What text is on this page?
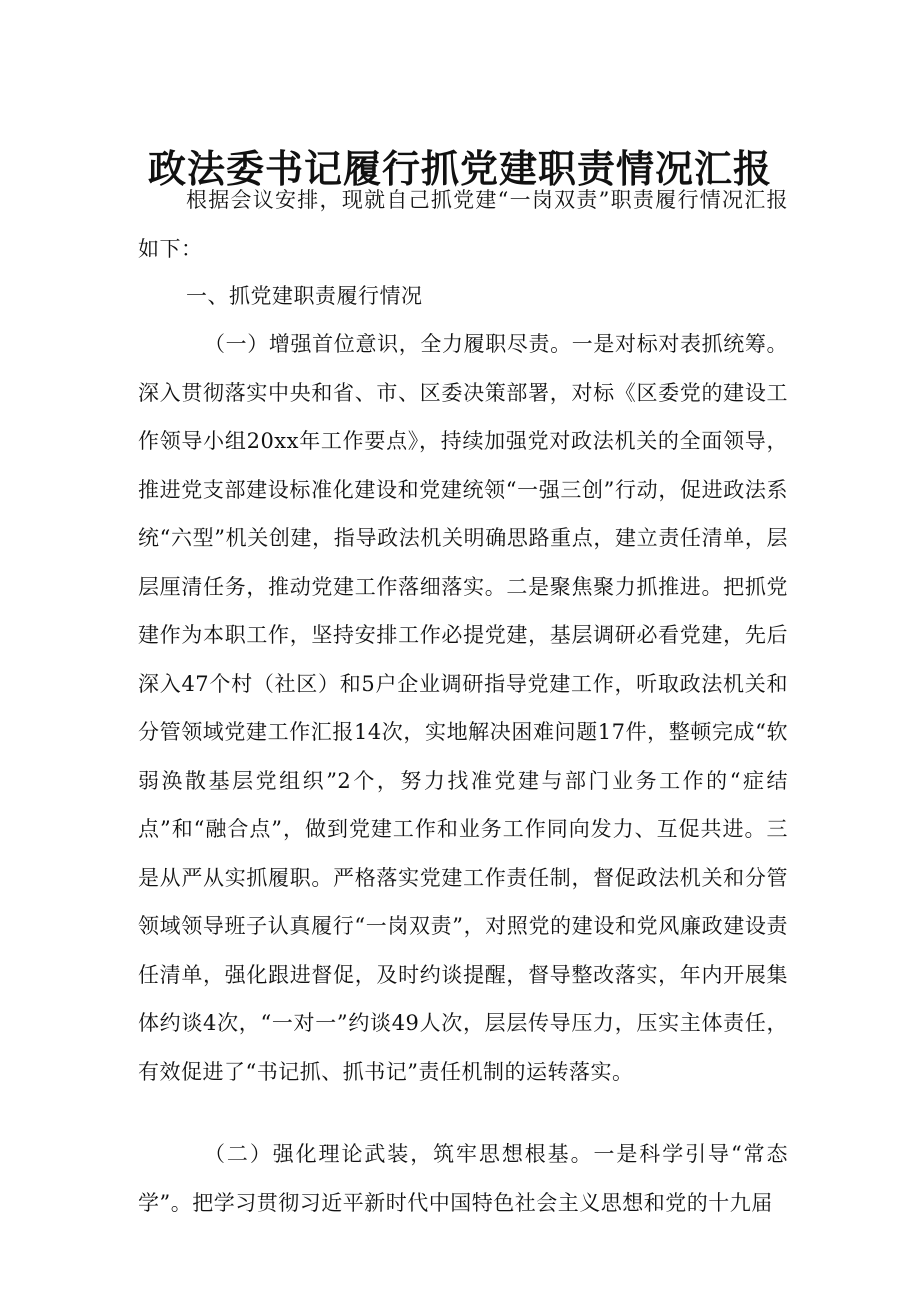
政法委书记履行抓党建职责情况汇报

根据会议安排，现就自己抓党建“一岗双责”职责履行情况汇报如下：

一、抓党建职责履行情况

（一）增强首位意识，全力履职尽责。一是对标对表抓统筹。深入贯彻落实中央和省、市、区委决策部署，对标《区委党的建设工作领导小组20xx年工作要点》，持续加强党对政法机关的全面领导，推进党支部建设标准化建设和党建统领“一强三创”行动，促进政法系统“六型”机关创建，指导政法机关明确思路重点，建立责任清单，层层厘清任务，推动党建工作落细落实。二是聚焦聚力抓推进。把抓党建作为本职工作，坚持安排工作必提党建，基层调研必看党建，先后深入47个村（社区）和5户企业调研指导党建工作，听取政法机关和分管领域党建工作汇报14次，实地解决困难问题17件，整顿完成“软弱涣散基层党组织”2个，努力找准党建与部门业务工作的“症结点”和“融合点”，做到党建工作和业务工作同向发力、互促共进。三是从严从实抓履职。严格落实党建工作责任制，督促政法机关和分管领域领导班子认真履行“一岗双责”，对照党的建设和党风廉政建设责任清单，强化跟进督促，及时约谈提醒，督导整改落实，年内开展集体约谈4次，“一对一”约谈49人次，层层传导压力，压实主体责任，有效促进了“书记抓、抓书记”责任机制的运转落实。

（二）强化理论武装，筑牢思想根基。一是科学引导“常态学”。把学习贯彻习近平新时代中国特色社会主义思想和党的十九届
